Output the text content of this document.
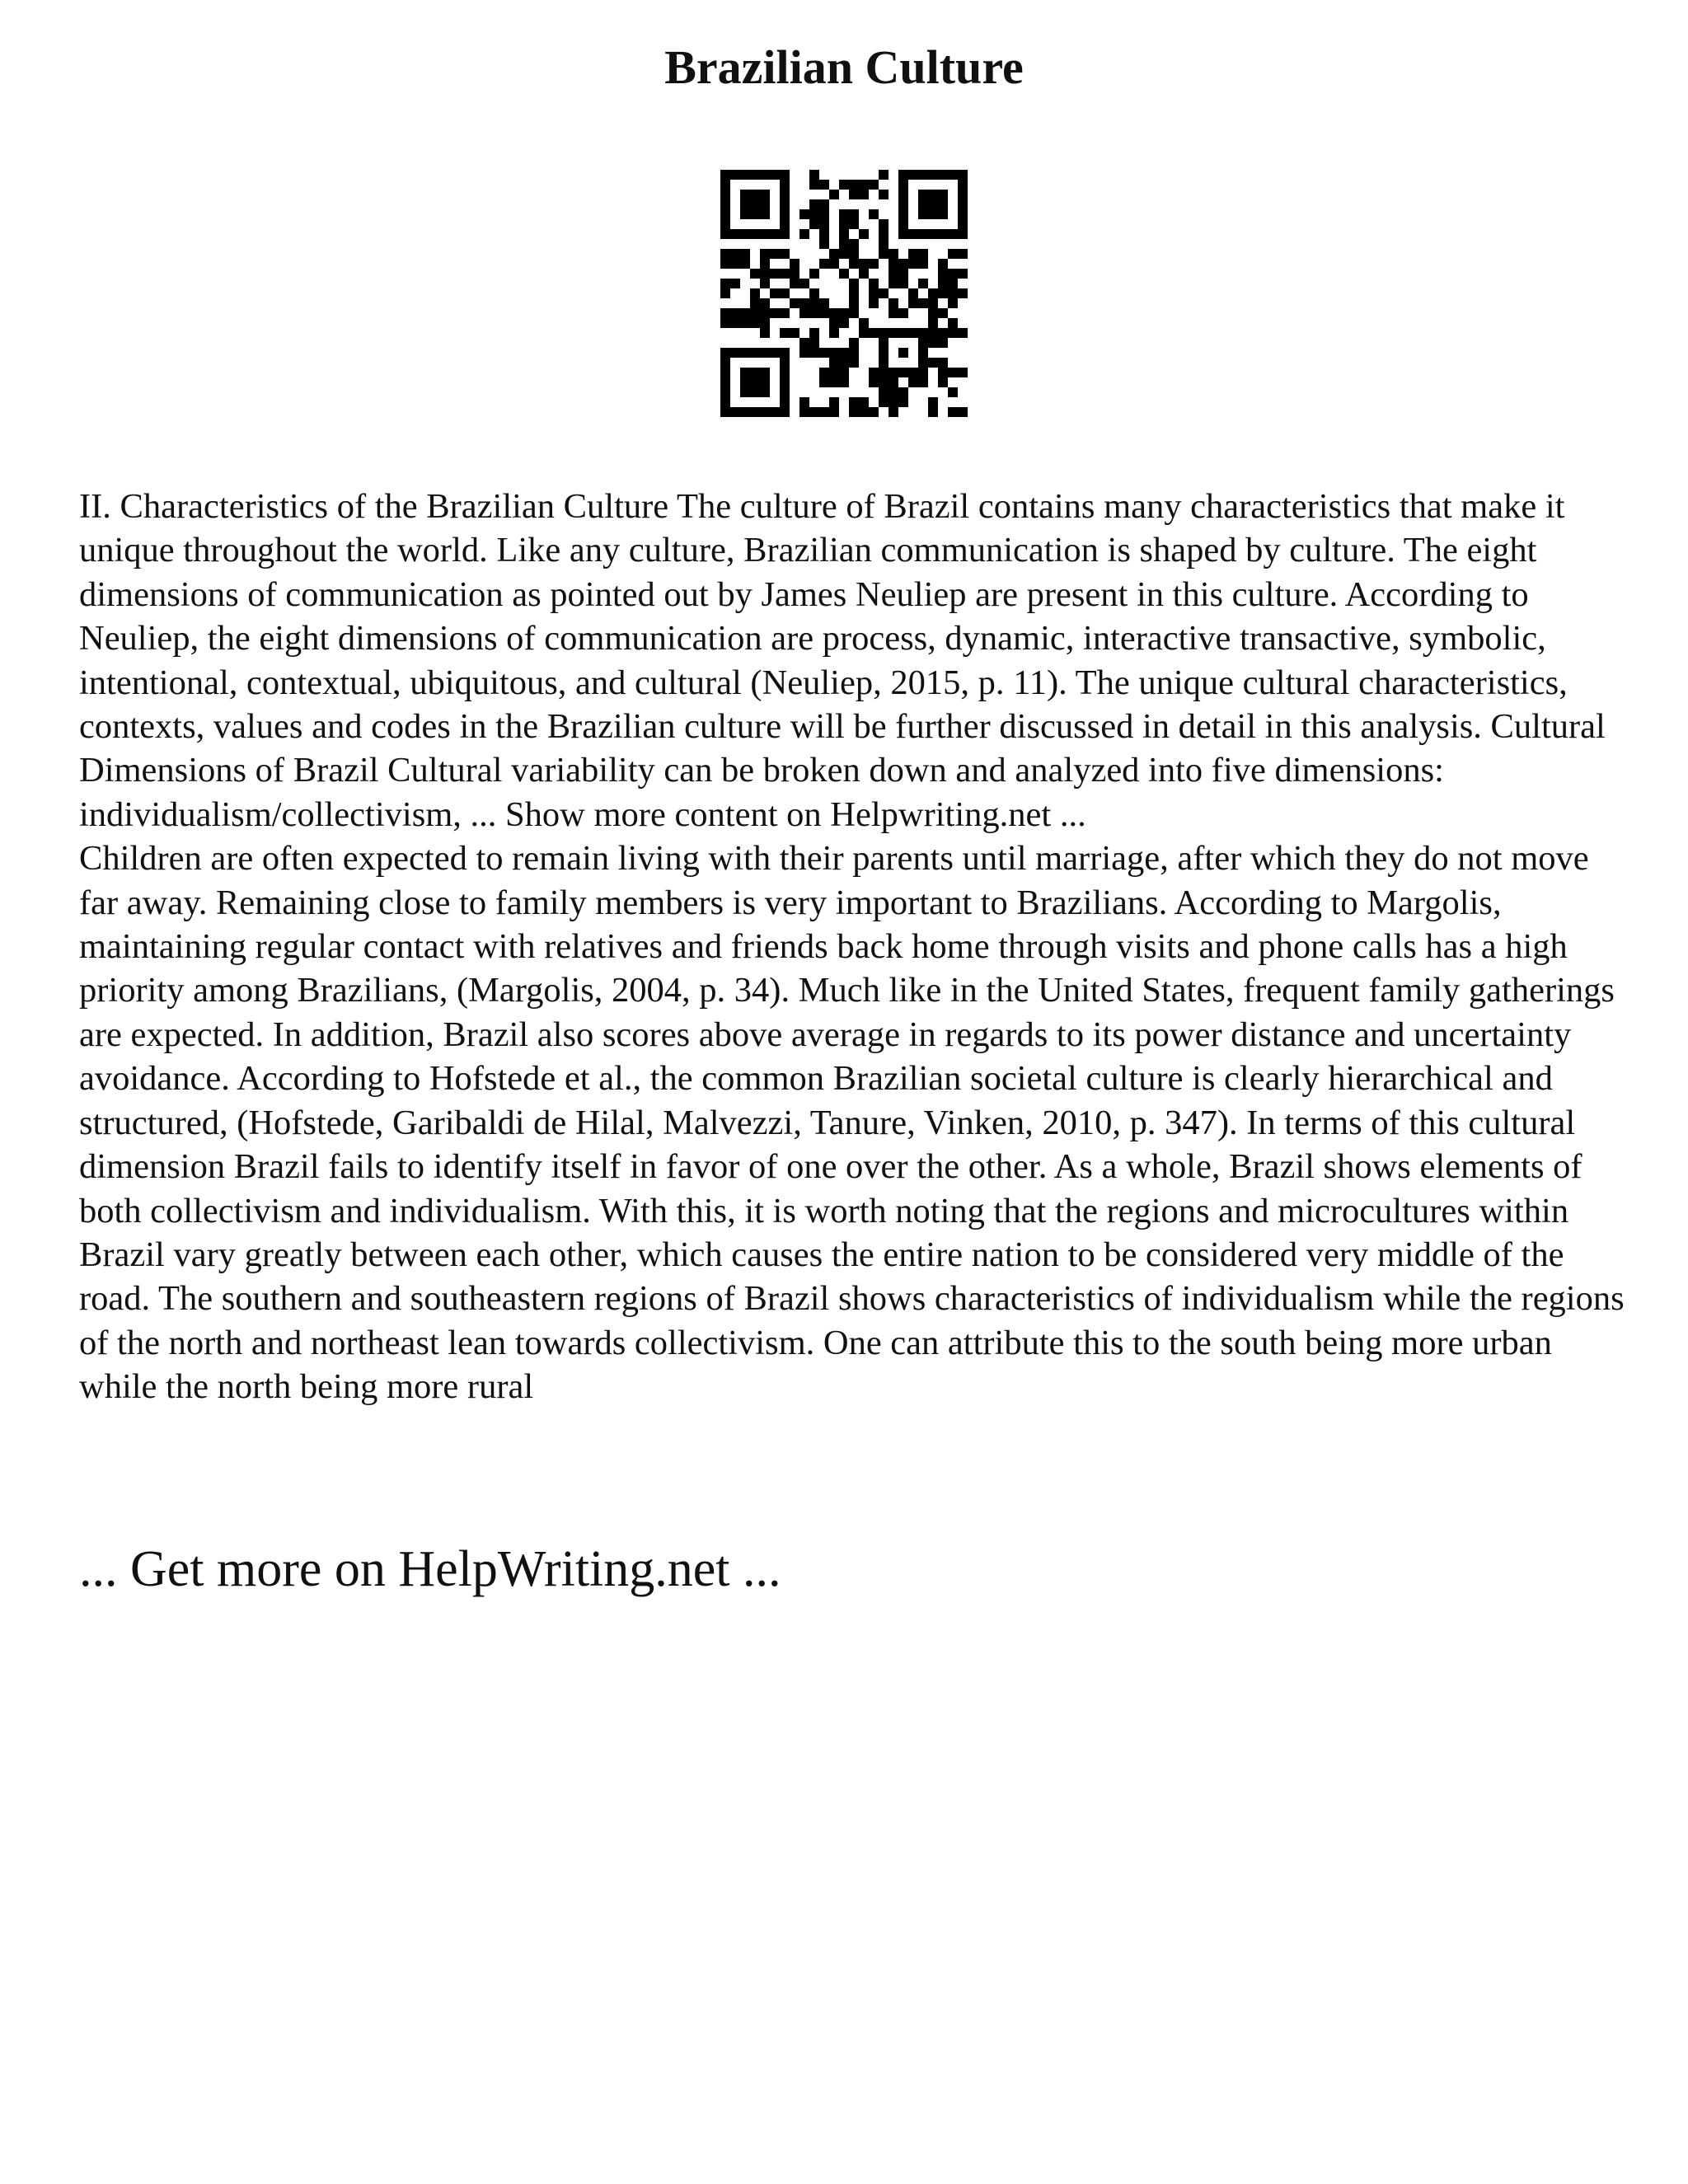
Brazilian Culture

II. Characteristics of the Brazilian Culture The culture of Brazil contains many characteristics that make it unique throughout the world. Like any culture, Brazilian communication is shaped by culture. The eight dimensions of communication as pointed out by James Neuliep are present in this culture. According to Neuliep, the eight dimensions of communication are process, dynamic, interactive transactive, symbolic, intentional, contextual, ubiquitous, and cultural (Neuliep, 2015, p. 11). The unique cultural characteristics, contexts, values and codes in the Brazilian culture will be further discussed in detail in this analysis. Cultural Dimensions of Brazil Cultural variability can be broken down and analyzed into five dimensions: individualism/collectivism, ... Show more content on Helpwriting.net ...

Children are often expected to remain living with their parents until marriage, after which they do not move far away. Remaining close to family members is very important to Brazilians. According to Margolis, maintaining regular contact with relatives and friends back home through visits and phone calls has a high priority among Brazilians, (Margolis, 2004, p. 34). Much like in the United States, frequent family gatherings are expected. In addition, Brazil also scores above average in regards to its power distance and uncertainty avoidance. According to Hofstede et al., the common Brazilian societal culture is clearly hierarchical and structured, (Hofstede, Garibaldi de Hilal, Malvezzi, Tanure, Vinken, 2010, p. 347). In terms of this cultural dimension Brazil fails to identify itself in favor of one over the other. As a whole, Brazil shows elements of both collectivism and individualism. With this, it is worth noting that the regions and microcultures within Brazil vary greatly between each other, which causes the entire nation to be considered very middle of the road. The southern and southeastern regions of Brazil shows characteristics of individualism while the regions of the north and northeast lean towards collectivism. One can attribute this to the south being more urban while the north being more rural

... Get more on HelpWriting.net ...
